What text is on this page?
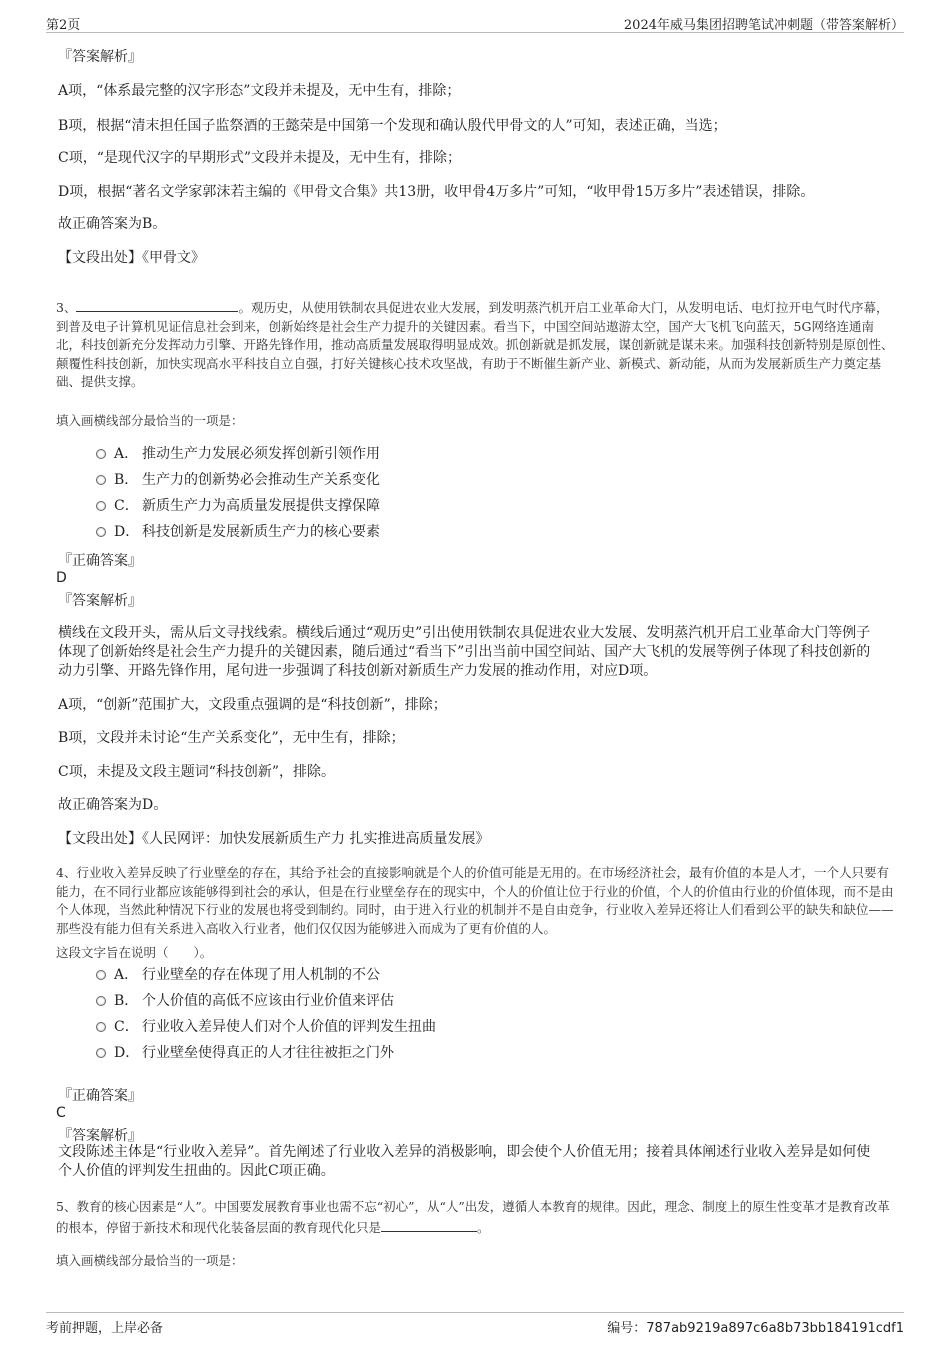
第2页	2024年威马集团招聘笔试冲刺题（带答案解析）
『答案解析』
A项，“体系最完整的汉字形态”文段并未提及，无中生有，排除；
B项，根据“清末担任国子监祭酒的王懿荣是中国第一个发现和确认殷代甲骨文的人”可知，表述正确，当选；
C项，“是现代汉字的早期形式”文段并未提及，无中生有，排除；
D项，根据“著名文学家郭沫若主编的《甲骨文合集》共13册，收甲骨4万多片”可知，“收甲骨15万多片”表述错误，排除。
故正确答案为B。
【文段出处】《甲骨文》
3、	。观历史，从使用铁制农具促进农业大发展，到发明蒸汽机开启工业革命大门，从发明电话、电灯拉开电气时代序幕，到普及电子计算机见证信息社会到来，创新始终是社会生产力提升的关键因素。看当下，中国空间站遨游太空，国产大飞机飞向蓝天，5G网络连通南北，科技创新充分发挥动力引擎、开路先锋作用，推动高质量发展取得明显成效。抓创新就是抓发展，谋创新就是谋未来。加强科技创新特别是原创性、颠覆性科技创新，加快实现高水平科技自立自强，打好关键核心技术攻坚战，有助于不断催生新产业、新模式、新动能，从而为发展新质生产力奠定基础、提供支撑。
填入画横线部分最恰当的一项是：
A． 推动生产力发展必须发挥创新引领作用
B． 生产力的创新势必会推动生产关系变化
C． 新质生产力为高质量发展提供支撑保障
D． 科技创新是发展新质生产力的核心要素
『正确答案』
D
『答案解析』
横线在文段开头，需从后文寻找线索。横线后通过“观历史”引出使用铁制农具促进农业大发展、发明蒸汽机开启工业革命大门等例子体现了创新始终是社会生产力提升的关键因素，随后通过“看当下”引出当前中国空间站、国产大飞机的发展等例子体现了科技创新的动力引擎、开路先锋作用，尾句进一步强调了科技创新对新质生产力发展的推动作用，对应D项。
A项，“创新”范围扩大，文段重点强调的是“科技创新”，排除；
B项，文段并未讨论“生产关系变化”，无中生有，排除；
C项，未提及文段主题词“科技创新”，排除。
故正确答案为D。
【文段出处】《人民网评：加快发展新质生产力 扎实推进高质量发展》
4、行业收入差异反映了行业壁垒的存在，其给予社会的直接影响就是个人的价值可能是无用的。在市场经济社会，最有价值的本是人才，一个人只要有能力，在不同行业都应该能够得到社会的承认，但是在行业壁垒存在的现实中，个人的价值让位于行业的价值，个人的价值由行业的价值体现，而不是由个人体现，当然此种情况下行业的发展也将受到制约。同时，由于进入行业的机制并不是自由竞争，行业收入差异还将让人们看到公平的缺失和缺位——那些没有能力但有关系进入高收入行业者，他们仅仅因为能够进入而成为了更有价值的人。
这段文字旨在说明（　　）。
A． 行业壁垒的存在体现了用人机制的不公
B． 个人价值的高低不应该由行业价值来评估
C． 行业收入差异使人们对个人价值的评判发生扭曲
D． 行业壁垒使得真正的人才往往被拒之门外
『正确答案』
C
『答案解析』
文段陈述主体是“行业收入差异”。首先阐述了行业收入差异的消极影响，即会使个人价值无用；接着具体阐述行业收入差异是如何使个人价值的评判发生扭曲的。因此C项正确。
5、教育的核心因素是“人”。中国要发展教育事业也需不忘“初心”，从“人”出发，遵循人本教育的规律。因此，理念、制度上的原生性变革才是教育改革的根本，停留于新技术和现代化装备层面的教育现代化只是	。
填入画横线部分最恰当的一项是：
考前押题，上岸必备	编号：787ab9219a897c6a8b73bb184191cdf1
